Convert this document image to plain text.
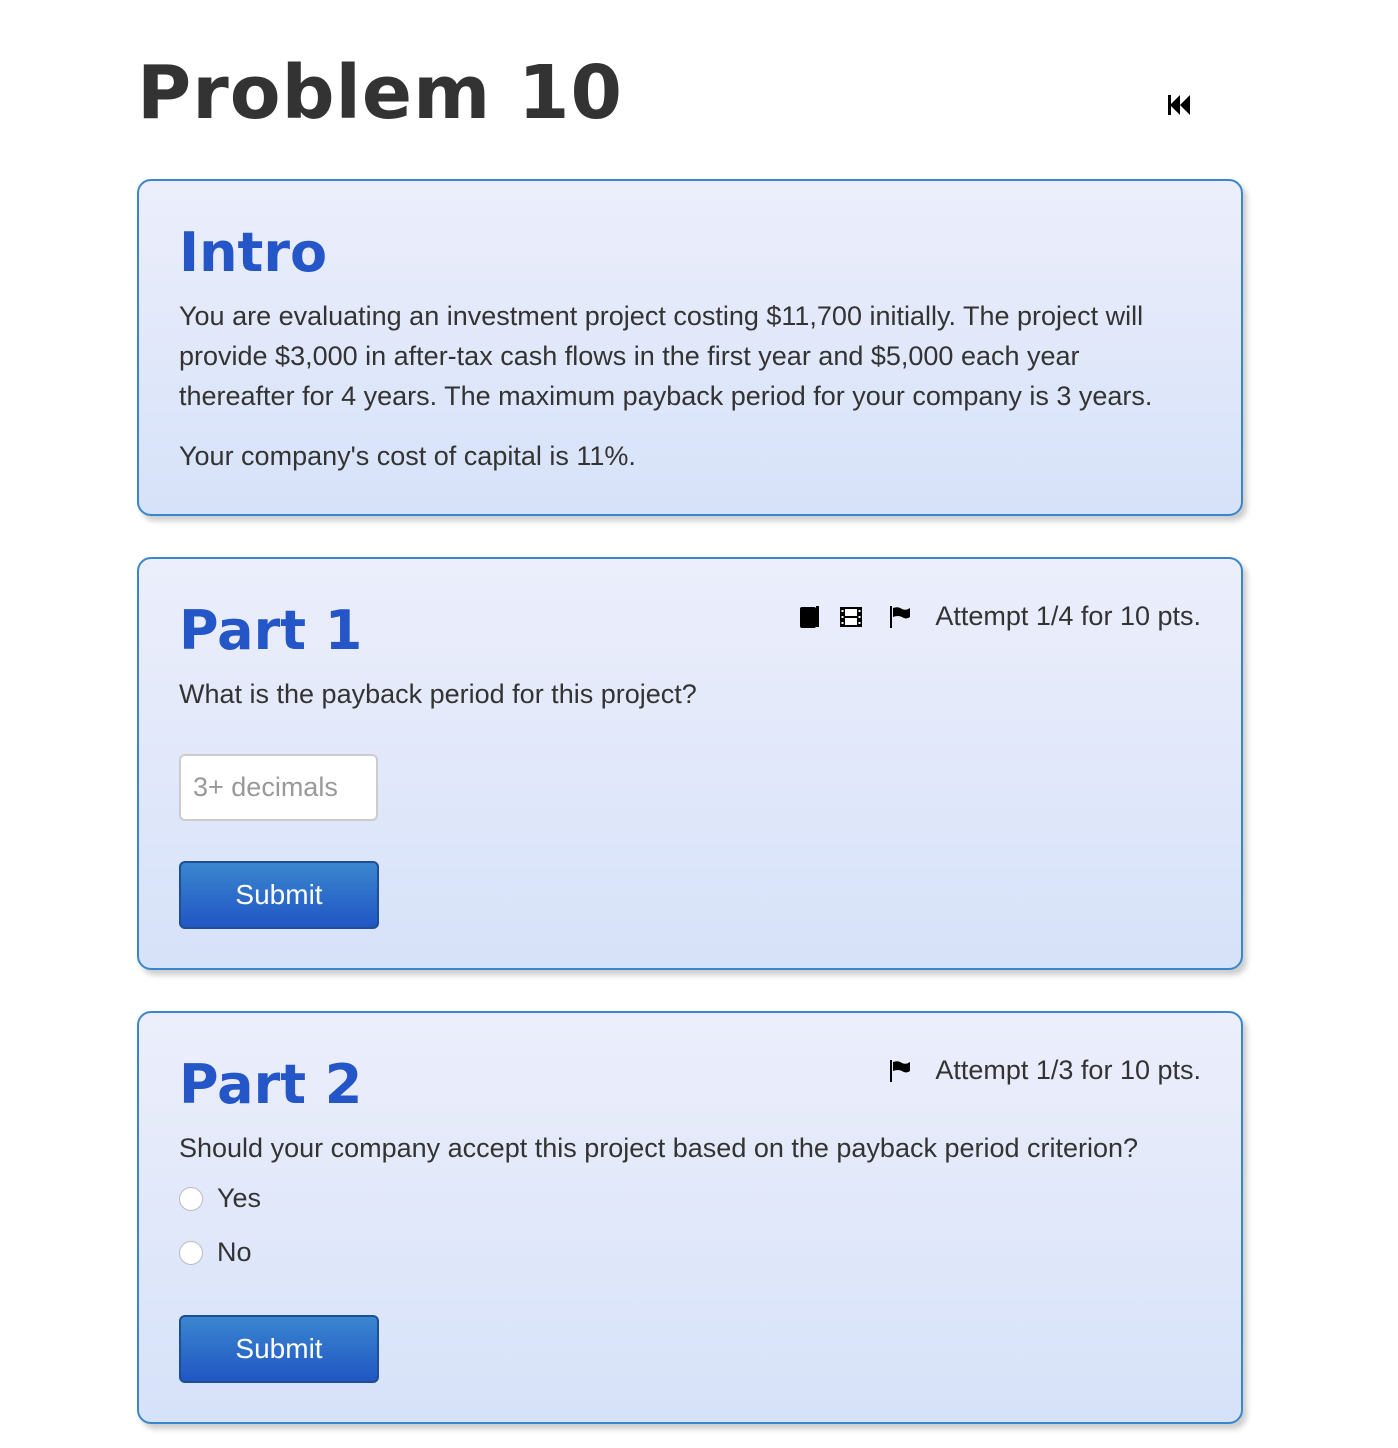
Problem 10
Intro
You are evaluating an investment project costing $11,700 initially. The project will provide $3,000 in after-tax cash flows in the first year and $5,000 each year thereafter for 4 years. The maximum payback period for your company is 3 years.
Your company's cost of capital is 11%.
Part 1	Attempt 1/4 for 10 pts.
What is the payback period for this project?
3+ decimals
Submit
Part 2	Attempt 1/3 for 10 pts.
Should your company accept this project based on the payback period criterion?
Yes
No
Submit
